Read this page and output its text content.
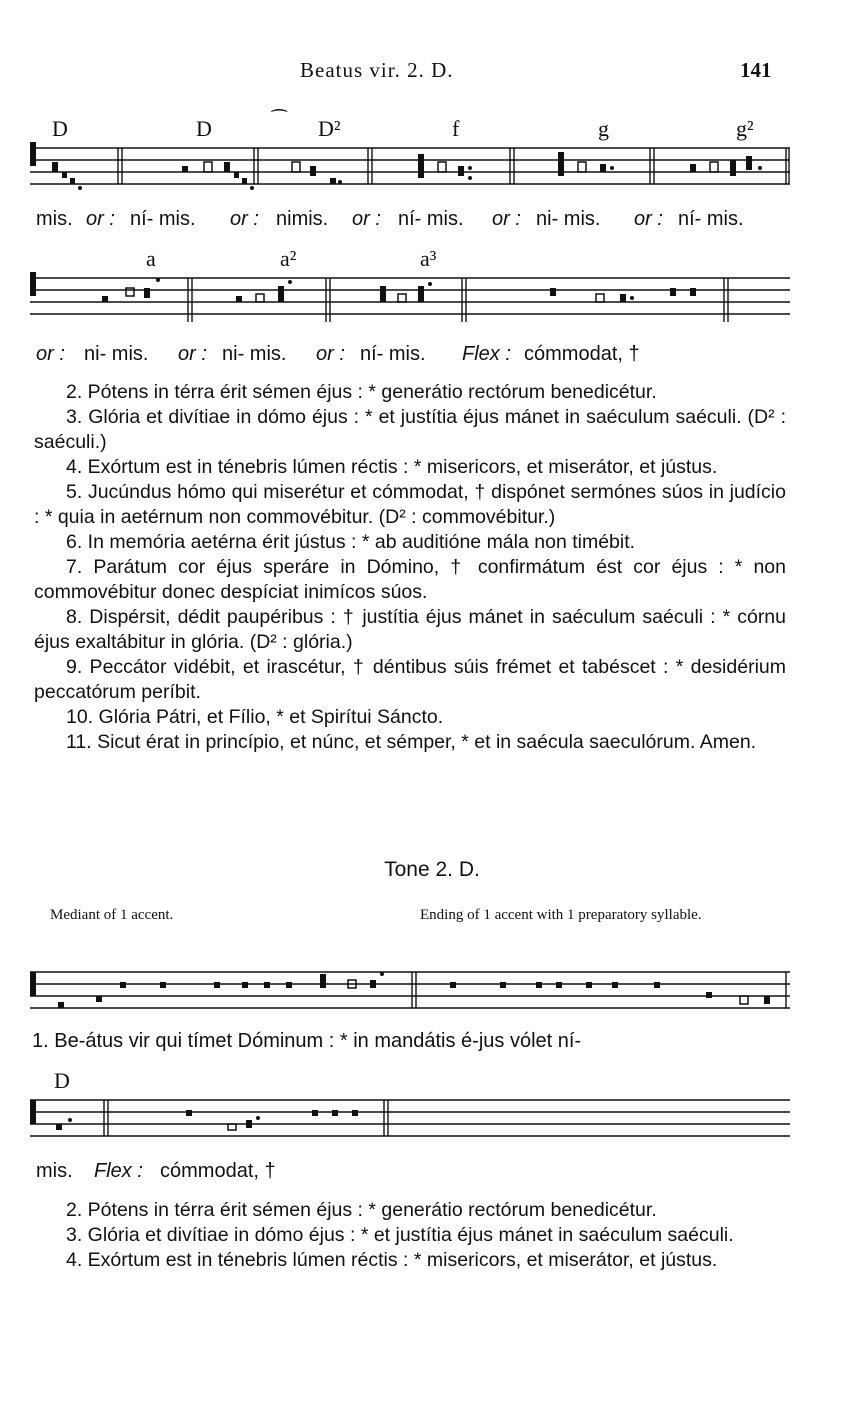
Beatus vir. 2. D.	141
D	D	⁀ D²	f	g	g²
mis. or : ní- mis. or : nimis. or : ní- mis. or : ni- mis. or : ní- mis.
a	a²	a³
or : ni- mis. or : ni- mis. or : ní- mis. Flex : cómmodat, †

2. Pótens in térra érit sémen éjus : * generátio rectórum benedicétur.

3. Glória et divítiae in dómo éjus : * et justítia éjus mánet in saéculum saéculi. (D² : saéculi.)

4. Exórtum est in ténebris lúmen réctis : * misericors, et miserátor, et jústus.

5. Jucúndus hómo qui miserétur et cómmodat, † dispónet sermónes súos in judício : * quia in aetérnum non commovébitur. (D² : commovébitur.)

6. In memória aetérna érit jústus : * ab auditióne mála non timébit.

7. Parátum cor éjus speráre in Dómino, † confirmátum ést cor éjus : * non commovébitur donec despíciat inimícos súos.

8. Dispérsit, dédit paupéribus : † justítia éjus mánet in saéculum saéculi : * córnu éjus exaltábitur in glória. (D² : glória.)

9. Peccátor vidébit, et irascétur, † déntibus súis frémet et tabéscet : * desidérium peccatórum períbit.

10. Glória Pátri, et Fílio, * et Spirítui Sáncto.

11. Sicut érat in princípio, et núnc, et sémper, * et in saécula saeculórum. Amen.

Tone 2. D.
Mediant of 1 accent.	Ending of 1 accent with 1 preparatory syllable.
1. Be-átus vir qui tímet Dóminum : * in mandátis é-jus vólet ní-
D
mis. Flex : cómmodat, †

2. Pótens in térra érit sémen éjus : * generátio rectórum benedicétur.

3. Glória et divítiae in dómo éjus : * et justítia éjus mánet in saéculum saéculi.

4. Exórtum est in ténebris lúmen réctis : * misericors, et miserátor, et jústus.
